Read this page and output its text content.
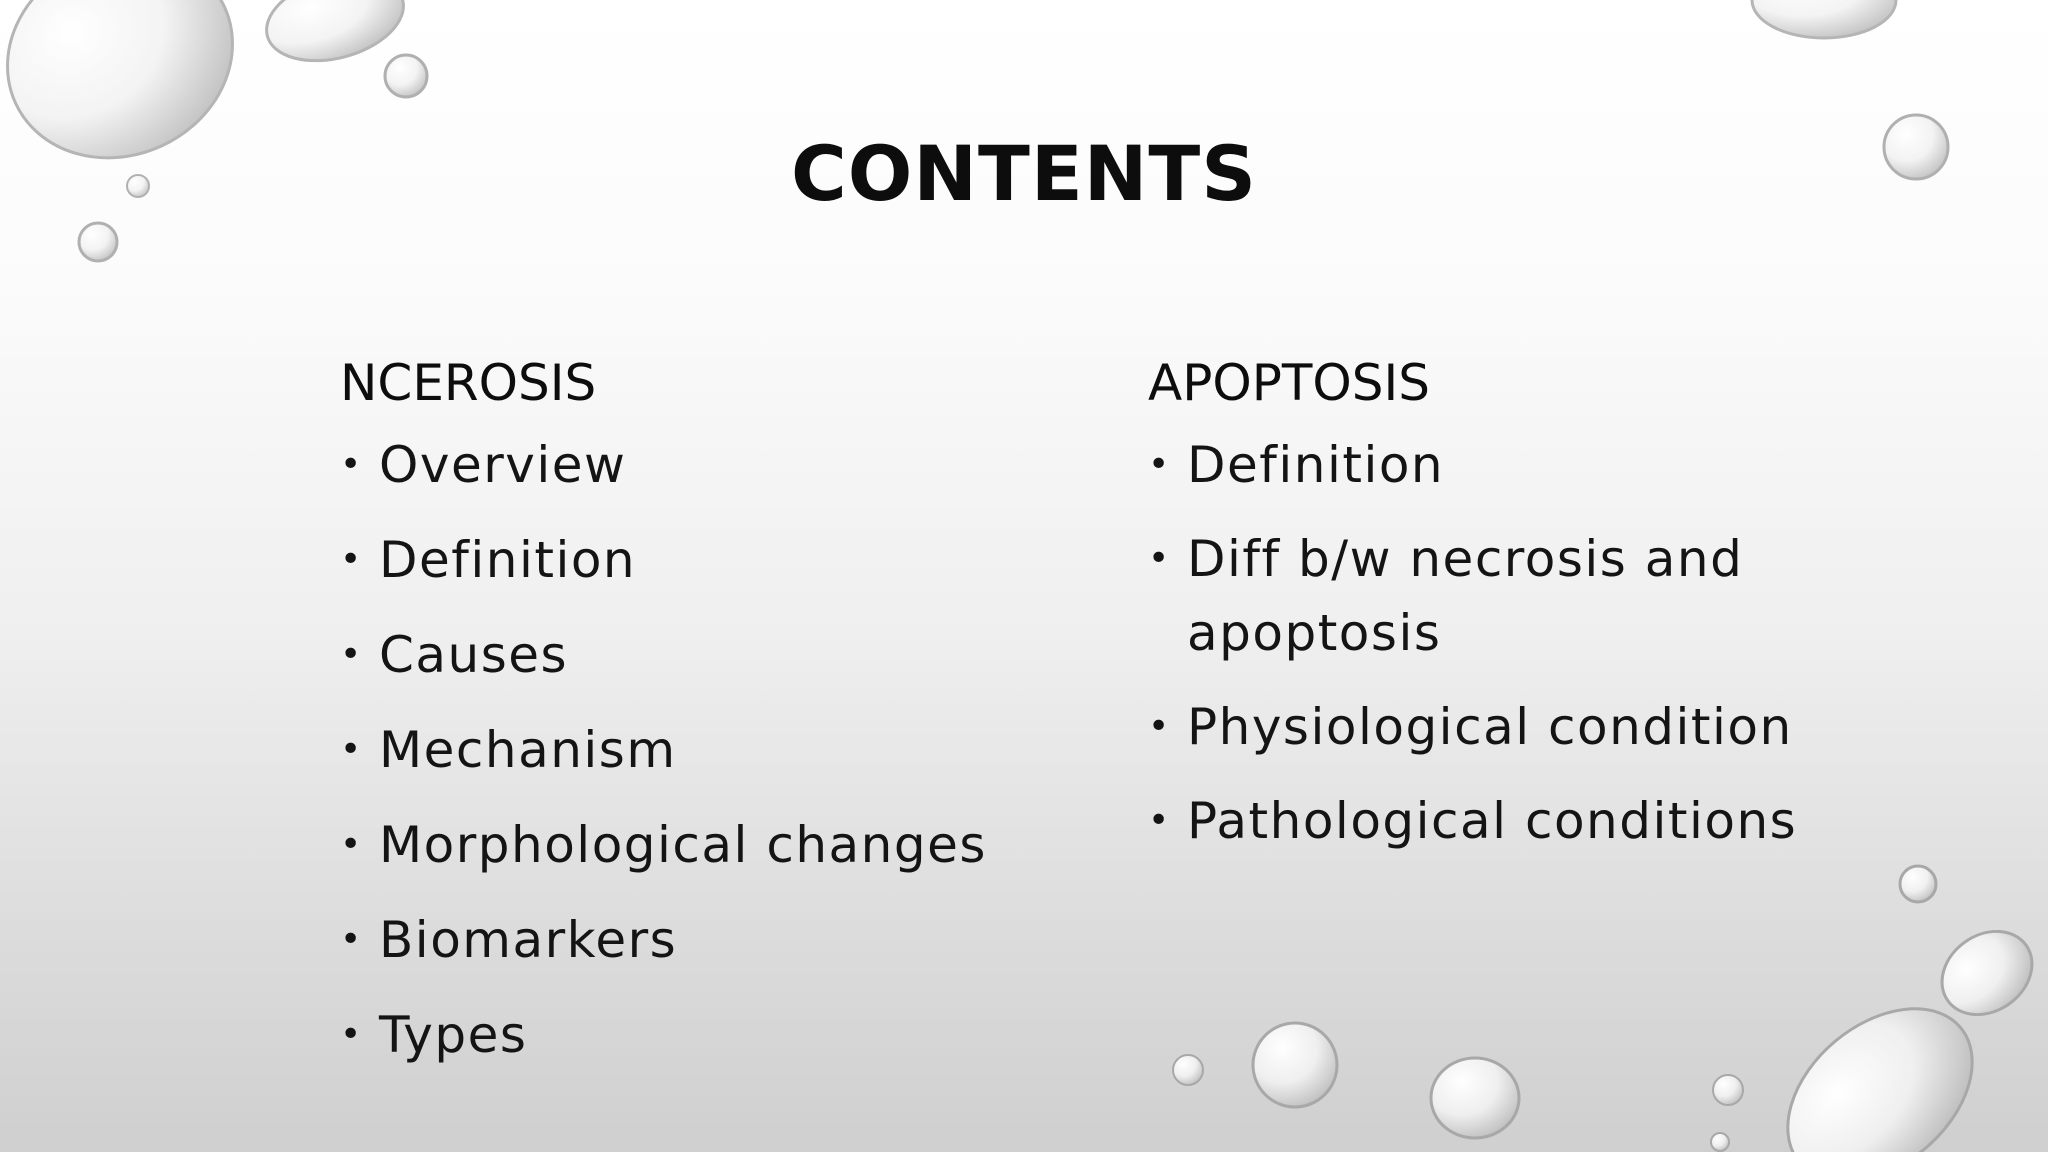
CONTENTS
NCEROSIS
• Overview
• Definition
• Causes
• Mechanism
• Morphological changes
• Biomarkers
• Types
APOPTOSIS
• Definition
• Diff b/w necrosis and apoptosis
• Physiological condition
• Pathological conditions
